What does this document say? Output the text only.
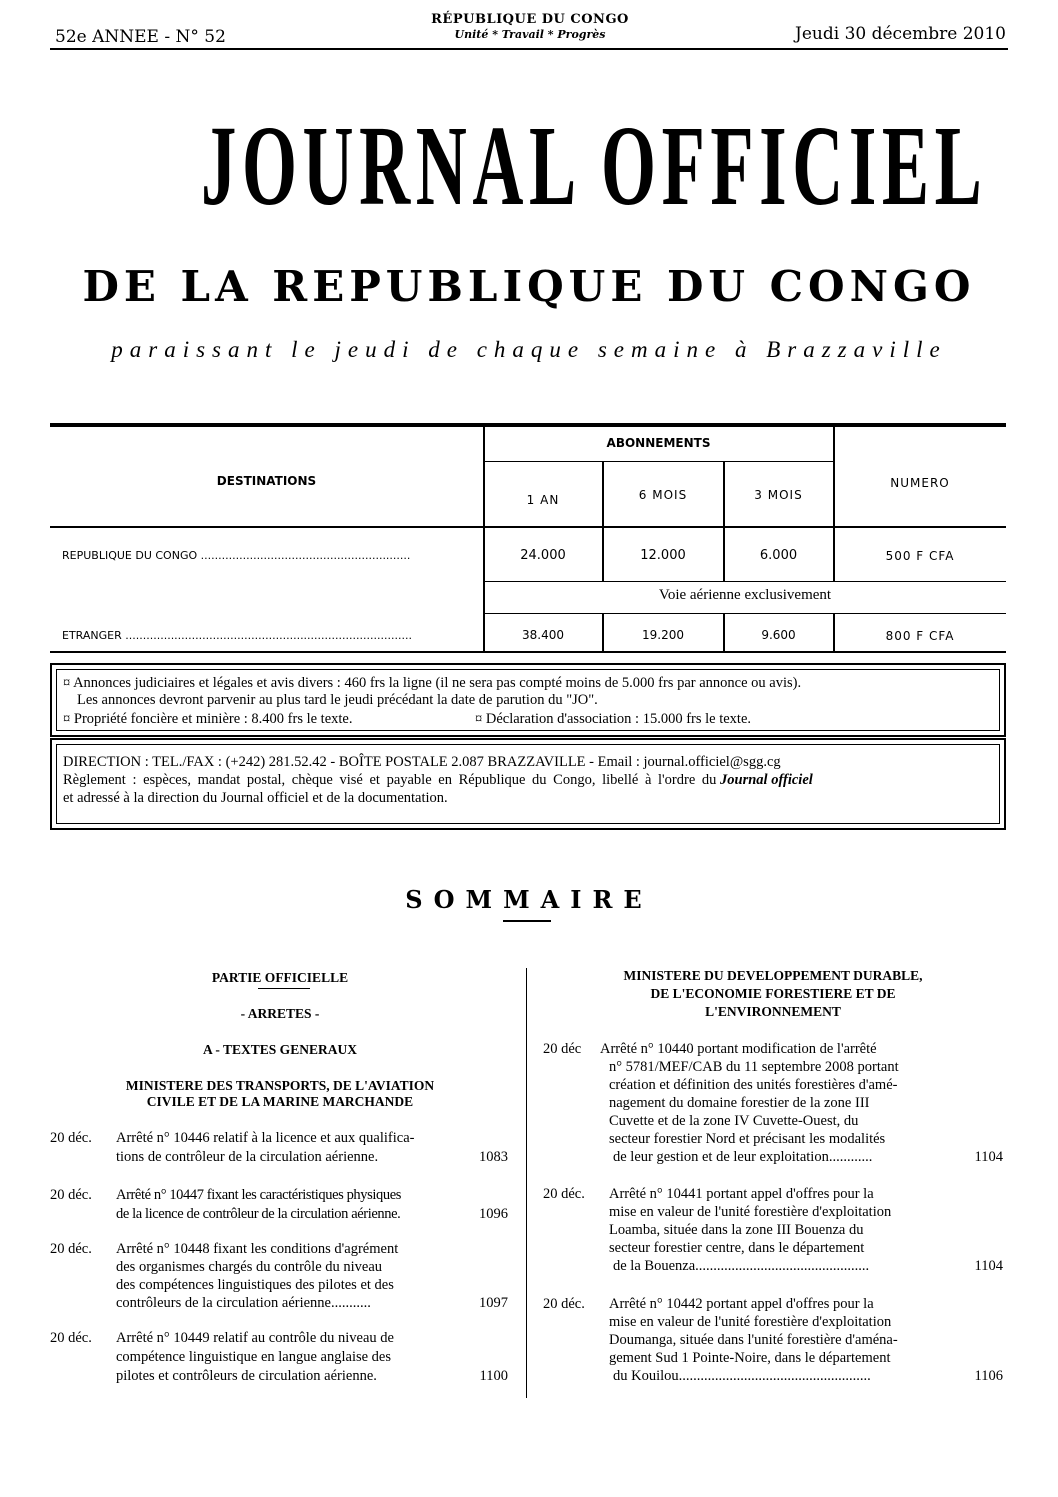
52e ANNEE - N° 52
RÉPUBLIQUE DU CONGO
Unité * Travail * Progrès	Jeudi 30 décembre 2010
JOURNAL OFFICIEL
DE LA REPUBLIQUE DU CONGO
paraissant le jeudi de chaque semaine à Brazzaville
DESTINATIONS
ABONNEMENTS
1 AN	6 MOIS	3 MOIS
NUMERO
REPUBLIQUE DU CONGO ............................................................	24.000	12.000	6.000	500 F CFA
Voie aérienne exclusivement
ETRANGER ..................................................................................	38.400	19.200	9.600	800 F CFA
¤ Annonces judiciaires et légales et avis divers : 460 frs la ligne (il ne sera pas compté moins de 5.000 frs par annonce ou avis).
Les annonces devront parvenir au plus tard le jeudi précédant la date de parution du "JO".
¤ Propriété foncière et minière : 8.400 frs le texte.	¤ Déclaration d'association : 15.000 frs le texte.
DIRECTION : TEL./FAX : (+242) 281.52.42 - BOÎTE POSTALE 2.087 BRAZZAVILLE - Email : journal.officiel@sgg.cg
Règlement : espèces, mandat postal, chèque visé et payable en République du Congo, libellé à l'ordre du Journal officiel
et adressé à la direction du Journal officiel et de la documentation.
SOMMAIRE
PARTIE OFFICIELLE
- ARRETES -
A - TEXTES GENERAUX
MINISTERE DES TRANSPORTS, DE L'AVIATION
CIVILE ET DE LA MARINE MARCHANDE
20 déc. Arrêté n° 10446 relatif à la licence et aux qualifica-
tions de contrôleur de la circulation aérienne.	1083
20 déc. Arrêté n° 10447 fixant les caractéristiques physiques
de la licence de contrôleur de la circulation aérienne.	1096
20 déc. Arrêté n° 10448 fixant les conditions d'agrément
des organismes chargés du contrôle du niveau
des compétences linguistiques des pilotes et des
contrôleurs de la circulation aérienne...........	1097
20 déc. Arrêté n° 10449 relatif au contrôle du niveau de
compétence linguistique en langue anglaise des
pilotes et contrôleurs de circulation aérienne.	1100
MINISTERE DU DEVELOPPEMENT DURABLE,
DE L'ECONOMIE FORESTIERE ET DE
L'ENVIRONNEMENT
20 déc Arrêté n° 10440 portant modification de l'arrêté
n° 5781/MEF/CAB du 11 septembre 2008 portant
création et définition des unités forestières d'amé-
nagement du domaine forestier de la zone III
Cuvette et de la zone IV Cuvette-Ouest, du
secteur forestier Nord et précisant les modalités
de leur gestion et de leur exploitation............	1104
20 déc. Arrêté n° 10441 portant appel d'offres pour la
mise en valeur de l'unité forestière d'exploitation
Loamba, située dans la zone III Bouenza du
secteur forestier centre, dans le département
de la Bouenza................................................	1104
20 déc. Arrêté n° 10442 portant appel d'offres pour la
mise en valeur de l'unité forestière d'exploitation
Doumanga, située dans l'unité forestière d'aména-
gement Sud 1 Pointe-Noire, dans le département
du Kouilou.....................................................	1106
